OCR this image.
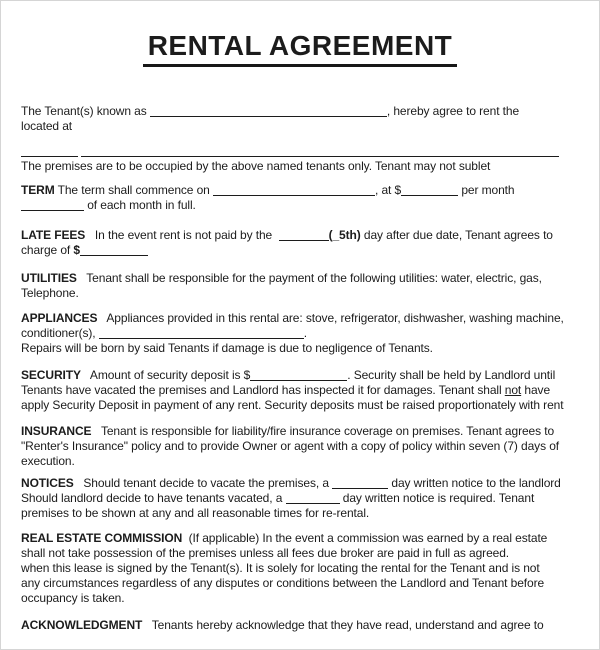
RENTAL AGREEMENT
The Tenant(s) known as	, hereby agree to rent the
located at

The premises are to be occupied by the above named tenants only. Tenant may not sublet
TERM The term shall commence on	, at $	per month
of each month in full.
LATE FEES   In the event rent is not paid by the	(_5th) day after due date, Tenant agrees to
charge of $
UTILITIES   Tenant shall be responsible for the payment of the following utilities: water, electric, gas,
Telephone.
APPLIANCES   Appliances provided in this rental are: stove, refrigerator, dishwasher, washing machine,
conditioner(s),	.
Repairs will be born by said Tenants if damage is due to negligence of Tenants.
SECURITY   Amount of security deposit is $	. Security shall be held by Landlord until
Tenants have vacated the premises and Landlord has inspected it for damages. Tenant shall not have
apply Security Deposit in payment of any rent. Security deposits must be raised proportionately with rent
INSURANCE   Tenant is responsible for liability/fire insurance coverage on premises. Tenant agrees to
"Renter's Insurance" policy and to provide Owner or agent with a copy of policy within seven (7) days of
execution.
NOTICES   Should tenant decide to vacate the premises, a	day written notice to the landlord
Should landlord decide to have tenants vacated, a	day written notice is required. Tenant
premises to be shown at any and all reasonable times for re-rental.
REAL ESTATE COMMISSION  (If applicable) In the event a commission was earned by a real estate
shall not take possession of the premises unless all fees due broker are paid in full as agreed.
when this lease is signed by the Tenant(s). It is solely for locating the rental for the Tenant and is not
any circumstances regardless of any disputes or conditions between the Landlord and Tenant before
occupancy is taken.
ACKNOWLEDGMENT   Tenants hereby acknowledge that they have read, understand and agree to
